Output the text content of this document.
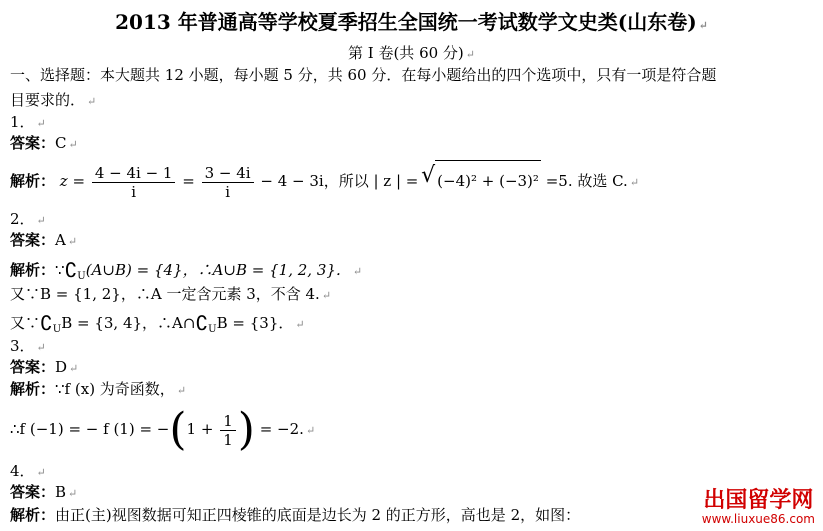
2013 年普通高等学校夏季招生全国统一考试数学文史类(山东卷) ↵
第 I 卷(共 60 分) ↵
一、选择题：本大题共 12 小题，每小题 5 分，共 60 分．在每小题给出的四个选项中，只有一项是符合题
目要求的． ↵
1． ↵
答案：C ↵
解析： $z = \frac{4 - 4i - 1}{i} = \frac{3 - 4i}{i} - 4 - 3i$，所以 | z | = √ (−4)² + (−3)² =5. 故选 C. ↵
2． ↵
答案：A ↵
解析：$\because∁_U(A\cup B) = \{4\}$，∴A∪B = {1, 2, 3}． ↵
又∵B = {1, 2}，∴A 一定含元素 3，不含 4. ↵
又$\because∁_UB = \{3$, 4}，$\therefore A\cap∁_UB = \{3\}$． ↵
3． ↵
答案：D ↵
解析：∵f (x) 为奇函数， ↵
∴f (−1) = − f $(1) = -(1 + \frac{1}{1}$ ) = −2. ↵
4． ↵
答案：B ↵
解析：由正(主)视图数据可知正四棱锥的底面是边长为 2 的正方形，高也是 2，如图：
出国留学网
www.liuxue86.com
